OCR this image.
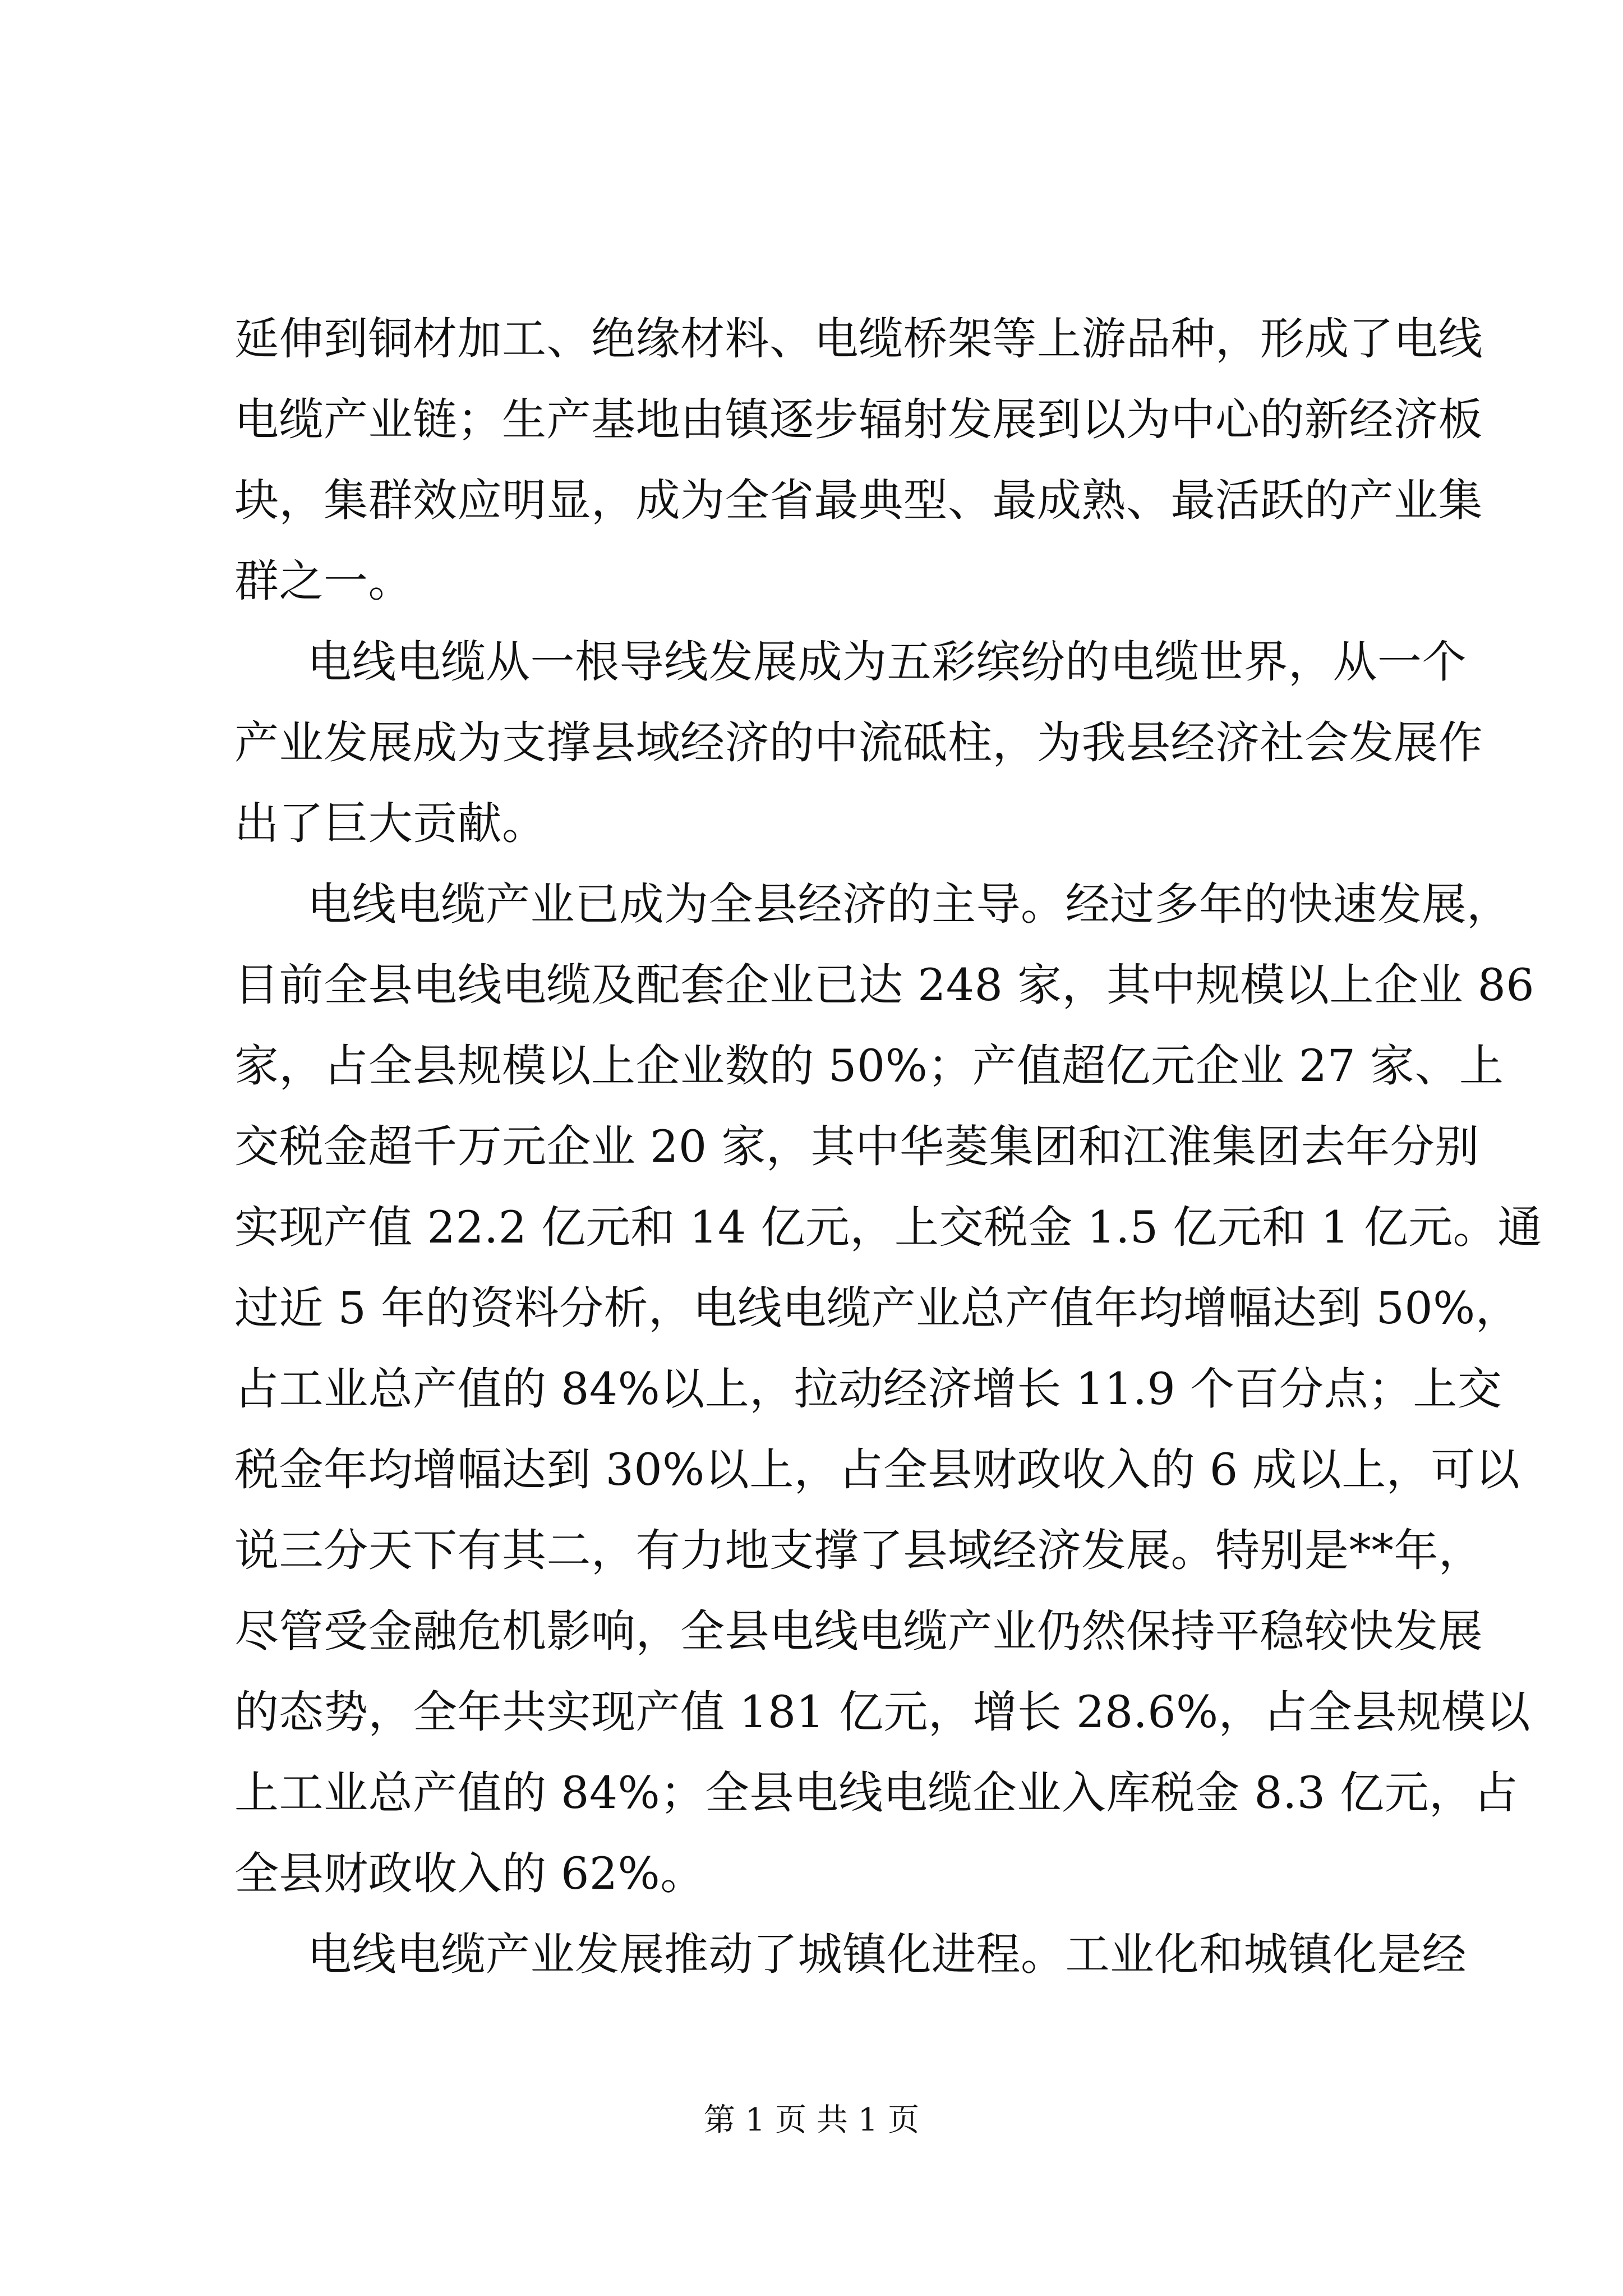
延伸到铜材加工、绝缘材料、电缆桥架等上游品种，形成了电线
电缆产业链；生产基地由镇逐步辐射发展到以为中心的新经济板
块，集群效应明显，成为全省最典型、最成熟、最活跃的产业集
群之一。
电线电缆从一根导线发展成为五彩缤纷的电缆世界，从一个
产业发展成为支撑县域经济的中流砥柱，为我县经济社会发展作
出了巨大贡献。
电线电缆产业已成为全县经济的主导。经过多年的快速发展，
目前全县电线电缆及配套企业已达 248 家，其中规模以上企业 86
家，占全县规模以上企业数的 50%；产值超亿元企业 27 家、上
交税金超千万元企业 20 家，其中华菱集团和江淮集团去年分别
实现产值 22.2 亿元和 14 亿元，上交税金 1.5 亿元和 1 亿元。通
过近 5 年的资料分析，电线电缆产业总产值年均增幅达到 50%，
占工业总产值的 84%以上，拉动经济增长 11.9 个百分点；上交
税金年均增幅达到 30%以上，占全县财政收入的 6 成以上，可以
说三分天下有其二，有力地支撑了县域经济发展。特别是**年，
尽管受金融危机影响，全县电线电缆产业仍然保持平稳较快发展
的态势，全年共实现产值 181 亿元，增长 28.6%，占全县规模以
上工业总产值的 84%；全县电线电缆企业入库税金 8.3 亿元，占
全县财政收入的 62%。
电线电缆产业发展推动了城镇化进程。工业化和城镇化是经
第 1 页 共 1 页
